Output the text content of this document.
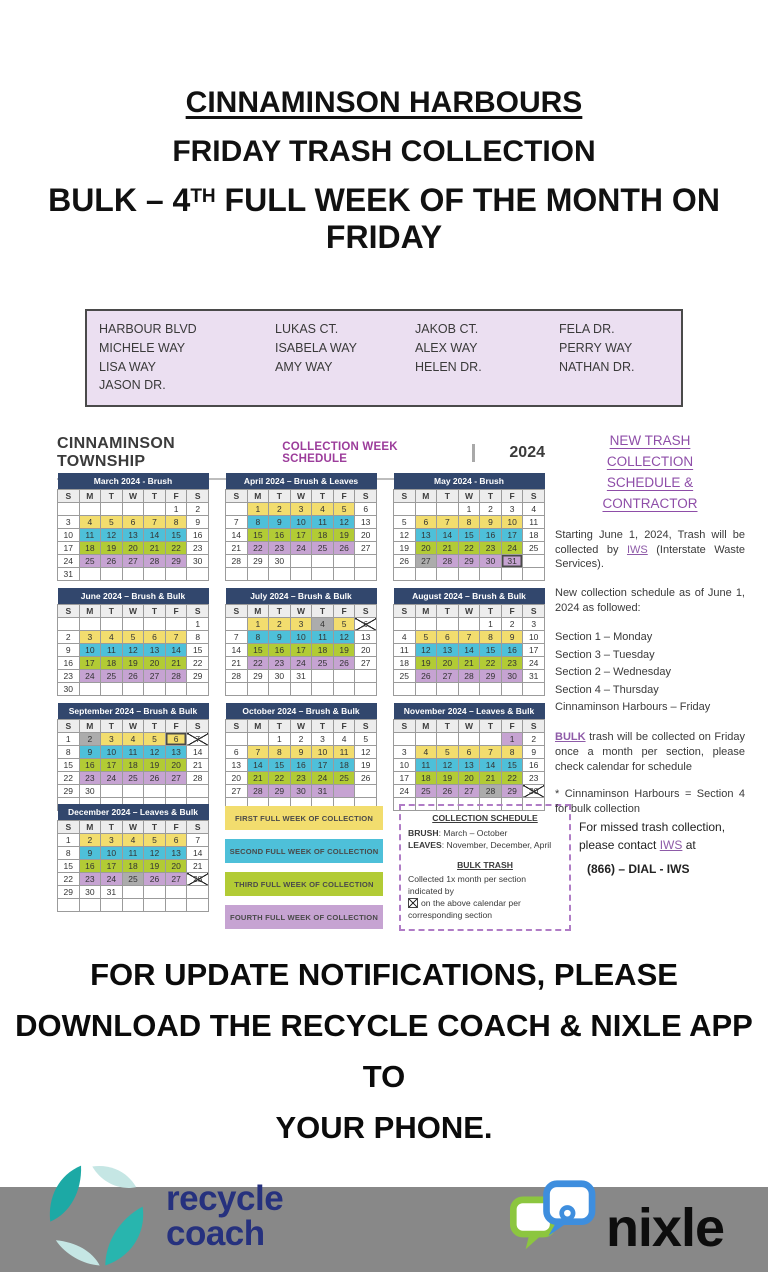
CINNAMINSON HARBOURS
FRIDAY TRASH COLLECTION
BULK – 4TH FULL WEEK OF THE MONTH ON FRIDAY
HARBOUR BLVD
MICHELE WAY
LISA WAY
JASON DR.
LUKAS CT.
ISABELA WAY
AMY WAY
JAKOB CT.
ALEX WAY
HELEN DR.
FELA DR.
PERRY WAY
NATHAN DR.
CINNAMINSON TOWNSHIP
COLLECTION WEEK SCHEDULE	2024
March 2024 - Brush						
S	M	T	W	T	F	S
					1	2
3	4	5	6	7	8	9
10	11	12	13	14	15	16
17	18	19	20	21	22	23
24	25	26	27	28	29	30
31						
April 2024 – Brush & Leaves						
S	M	T	W	T	F	S
	1	2	3	4	5	6
7	8	9	10	11	12	13
14	15	16	17	18	19	20
21	22	23	24	25	26	27
28	29	30				

May 2024 - Brush						
S	M	T	W	T	F	S
			1	2	3	4
5	6	7	8	9	10	11
12	13	14	15	16	17	18
19	20	21	22	23	24	25
26	27	28	29	30	31	

June 2024 – Brush & Bulk						
S	M	T	W	T	F	S
						1
2	3	4	5	6	7	8
9	10	11	12	13	14	15
16	17	18	19	20	21	22
23	24	25	26	27	28	29
30						
July 2024 – Brush & Bulk						
S	M	T	W	T	F	S
	1	2	3	4	5	6
7	8	9	10	11	12	13
14	15	16	17	18	19	20
21	22	23	24	25	26	27
28	29	30	31			

August 2024 – Brush & Bulk						
S	M	T	W	T	F	S
				1	2	3
4	5	6	7	8	9	10
11	12	13	14	15	16	17
18	19	20	21	22	23	24
25	26	27	28	29	30	31

September 2024 – Brush & Bulk						
S	M	T	W	T	F	S
1	2	3	4	5	6	7
8	9	10	11	12	13	14
15	16	17	18	19	20	21
22	23	24	25	26	27	28
29	30					

October 2024 – Brush & Bulk						
S	M	T	W	T	F	S
		1	2	3	4	5
6	7	8	9	10	11	12
13	14	15	16	17	18	19
20	21	22	23	24	25	26
27	28	29	30	31		

November 2024 – Leaves & Bulk						
S	M	T	W	T	F	S
					1	2
3	4	5	6	7	8	9
10	11	12	13	14	15	16
17	18	19	20	21	22	23
24	25	26	27	28	29	30

December 2024 – Leaves & Bulk						
S	M	T	W	T	F	S
1	2	3	4	5	6	7
8	9	10	11	12	13	14
15	16	17	18	19	20	21
22	23	24	25	26	27	28
29	30	31				

FIRST FULL WEEK OF COLLECTION
SECOND FULL WEEK OF COLLECTION
THIRD FULL WEEK OF COLLECTION
FOURTH FULL WEEK OF COLLECTION
COLLECTION SCHEDULE
BRUSH: March – October
LEAVES: November, December, April
BULK TRASH
Collected 1x month per section indicated by
on the above calendar per
corresponding section
For missed trash collection, please contact IWS at
(866) – DIAL - IWS
NEW TRASH COLLECTION SCHEDULE & CONTRACTOR

Starting June 1, 2024, Trash will be collected by IWS (Interstate Waste Services).

New collection schedule as of June 1, 2024 as followed:

Section 1 – Monday
Section 3 – Tuesday
Section 2 – Wednesday
Section 4 – Thursday
Cinnaminson Harbours – Friday

BULK trash will be collected on Friday once a month per section, please check calendar for schedule

* Cinnaminson Harbours = Section 4 for bulk collection

FOR UPDATE NOTIFICATIONS, PLEASE
DOWNLOAD THE RECYCLE COACH & NIXLE APP TO
YOUR PHONE.
recycle
coach	nixle
